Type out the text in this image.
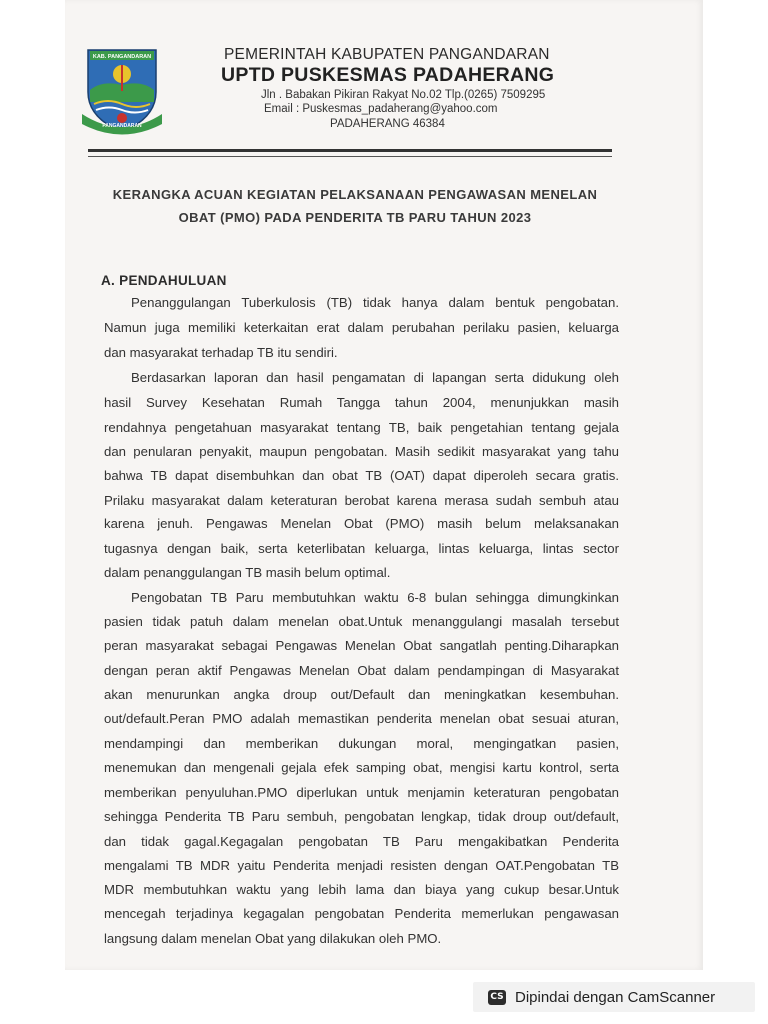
KAB. PANGANDARAN
PANGANDARAN
PEMERINTAH KABUPATEN PANGANDARAN
UPTD PUSKESMAS PADAHERANG
Jln . Babakan Pikiran Rakyat No.02 Tlp.(0265) 7509295
Email : Puskesmas_padaherang@yahoo.com
PADAHERANG 46384
KERANGKA ACUAN KEGIATAN PELAKSANAAN PENGAWASAN MENELAN
OBAT (PMO) PADA PENDERITA TB PARU TAHUN 2023
A. PENDAHULUAN
Penanggulangan Tuberkulosis (TB) tidak hanya dalam bentuk pengobatan.
Namun juga memiliki keterkaitan erat dalam perubahan perilaku pasien, keluarga
dan masyarakat terhadap TB itu sendiri.
Berdasarkan laporan dan hasil pengamatan di lapangan serta didukung oleh
hasil Survey Kesehatan Rumah Tangga tahun 2004, menunjukkan masih
rendahnya pengetahuan masyarakat tentang TB, baik pengetahian tentang gejala
dan penularan penyakit, maupun pengobatan. Masih sedikit masyarakat yang tahu
bahwa TB dapat disembuhkan dan obat TB (OAT) dapat diperoleh secara gratis.
Prilaku masyarakat dalam keteraturan berobat karena merasa sudah sembuh atau
karena jenuh. Pengawas Menelan Obat (PMO) masih belum melaksanakan
tugasnya dengan baik, serta keterlibatan keluarga, lintas keluarga, lintas sector
dalam penanggulangan TB masih belum optimal.
Pengobatan TB Paru membutuhkan waktu 6-8 bulan sehingga dimungkinkan
pasien tidak patuh dalam menelan obat.Untuk menanggulangi masalah tersebut
peran masyarakat sebagai Pengawas Menelan Obat sangatlah penting.Diharapkan
dengan peran aktif Pengawas Menelan Obat dalam pendampingan di Masyarakat
akan menurunkan angka droup out/Default dan meningkatkan kesembuhan.
out/default.Peran PMO adalah memastikan penderita menelan obat sesuai aturan,
mendampingi dan memberikan dukungan moral, mengingatkan pasien,
menemukan dan mengenali gejala efek samping obat, mengisi kartu kontrol, serta
memberikan penyuluhan.PMO diperlukan untuk menjamin keteraturan pengobatan
sehingga Penderita TB Paru sembuh, pengobatan lengkap, tidak droup out/default,
dan tidak gagal.Kegagalan pengobatan TB Paru mengakibatkan Penderita
mengalami TB MDR yaitu Penderita menjadi resisten dengan OAT.Pengobatan TB
MDR membutuhkan waktu yang lebih lama dan biaya yang cukup besar.Untuk
mencegah terjadinya kegagalan pengobatan Penderita memerlukan pengawasan
langsung dalam menelan Obat yang dilakukan oleh PMO.
CS Dipindai dengan CamScanner
